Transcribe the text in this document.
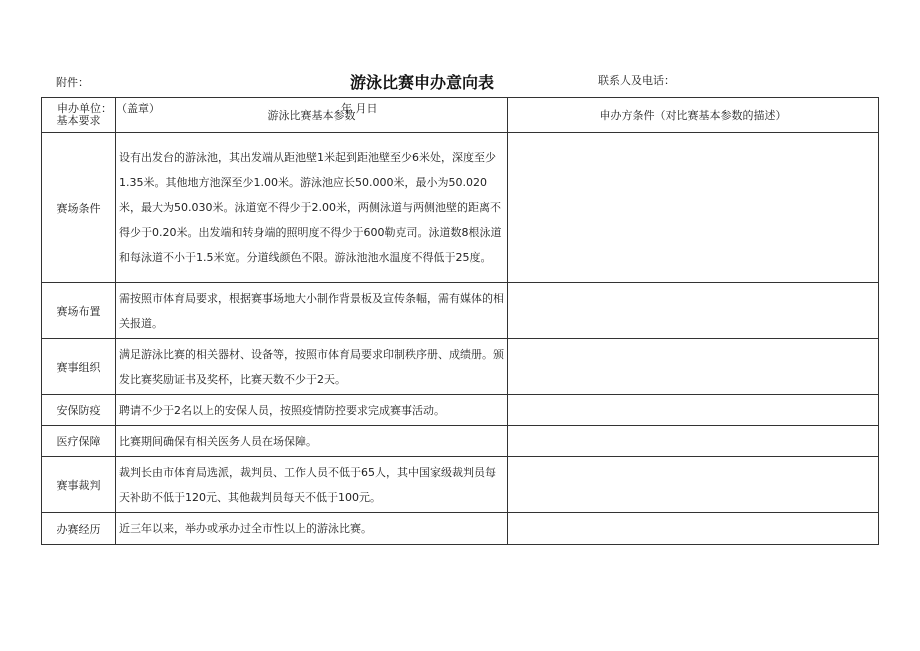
附件：	游泳比赛申办意向表	联系人及电话：
基本要求	游泳比赛基本参数	申办方条件（对比赛基本参数的描述）
赛场条件	设有出发台的游泳池，其出发端从距池壁1米起到距池壁至少6米处，深度至少1.35米。其他地方池深至少1.00米。游泳池应长50.000米，最小为50.020米，最大为50.030米。泳道宽不得少于2.00米，两侧泳道与两侧池壁的距离不得少于0.20米。出发端和转身端的照明度不得少于600勒克司。泳道数8根泳道和每泳道不小于1.5米宽。分道线颜色不限。游泳池池水温度不得低于25度。	
赛场布置	需按照市体育局要求，根据赛事场地大小制作背景板及宣传条幅，需有媒体的相关报道。	
赛事组织	满足游泳比赛的相关器材、设备等，按照市体育局要求印制秩序册、成绩册。颁发比赛奖励证书及奖杯，比赛天数不少于2天。	
安保防疫	聘请不少于2名以上的安保人员，按照疫情防控要求完成赛事活动。	
医疗保障	比赛期间确保有相关医务人员在场保障。	
赛事裁判	裁判长由市体育局选派，裁判员、工作人员不低于65人，其中国家级裁判员每天补助不低于120元、其他裁判员每天不低于100元。	
办赛经历	近三年以来，举办或承办过全市性以上的游泳比赛。	
申办单位： （盖章）	年 月日
